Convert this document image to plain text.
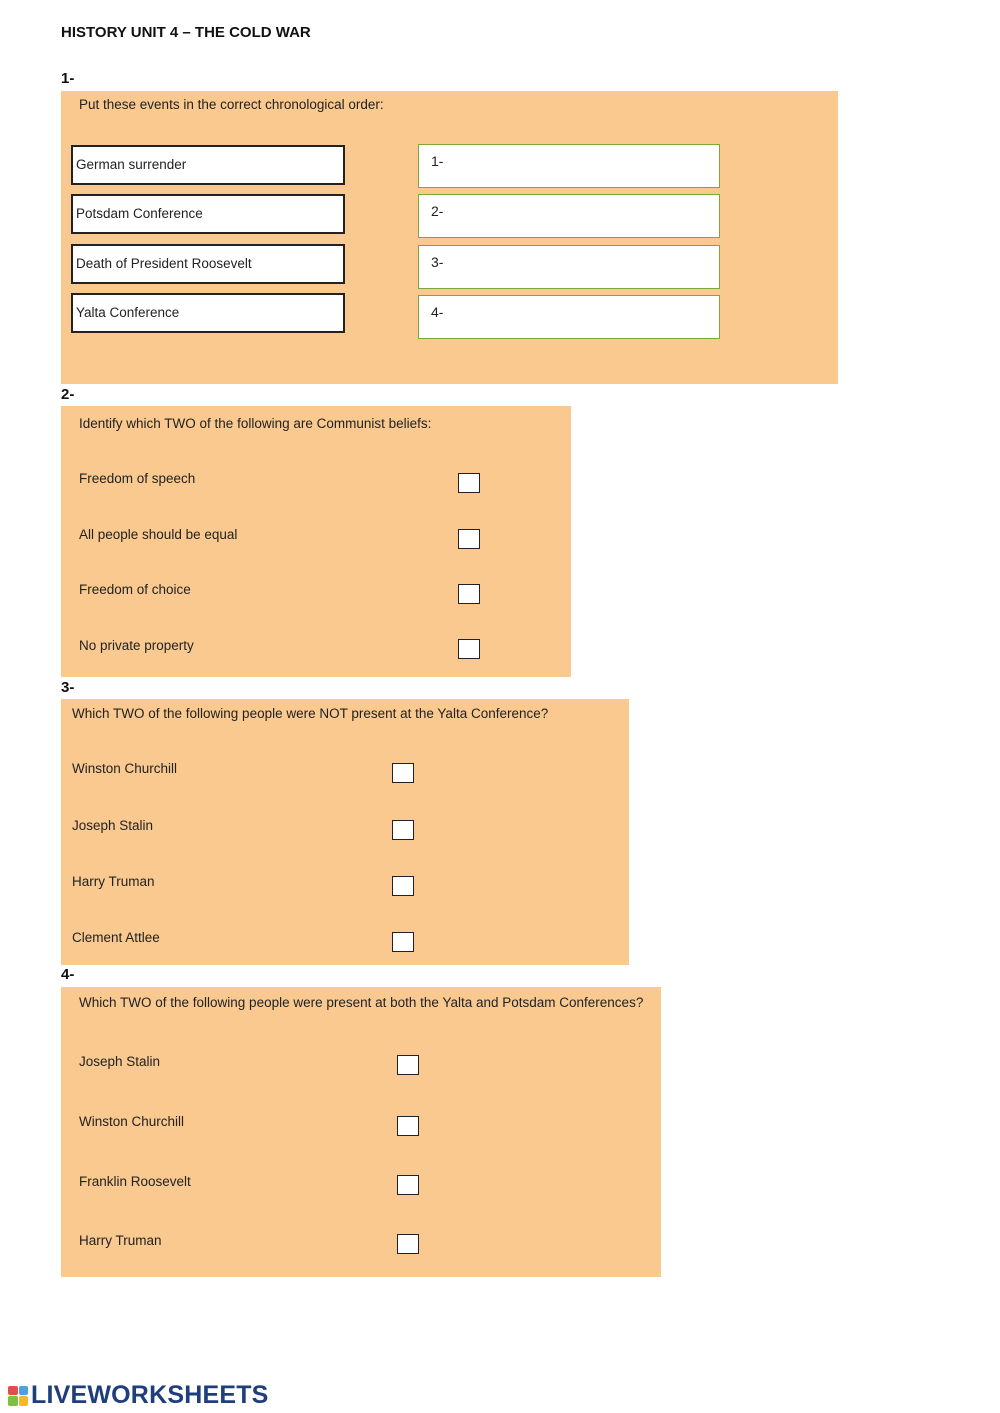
HISTORY UNIT 4 – THE COLD WAR
1-
Put these events in the correct chronological order:
German surrender
Potsdam Conference
Death of President Roosevelt
Yalta Conference
1-
2-
3-
4-
2-
Identify which TWO of the following are Communist beliefs:
Freedom of speech
All people should be equal
Freedom of choice
No private property
3-
Which TWO of the following people were NOT present at the Yalta Conference?
Winston Churchill
Joseph Stalin
Harry Truman
Clement Attlee
4-
Which TWO of the following people were present at both the Yalta and Potsdam Conferences?
Joseph Stalin
Winston Churchill
Franklin Roosevelt
Harry Truman
LIVEWORKSHEETS
